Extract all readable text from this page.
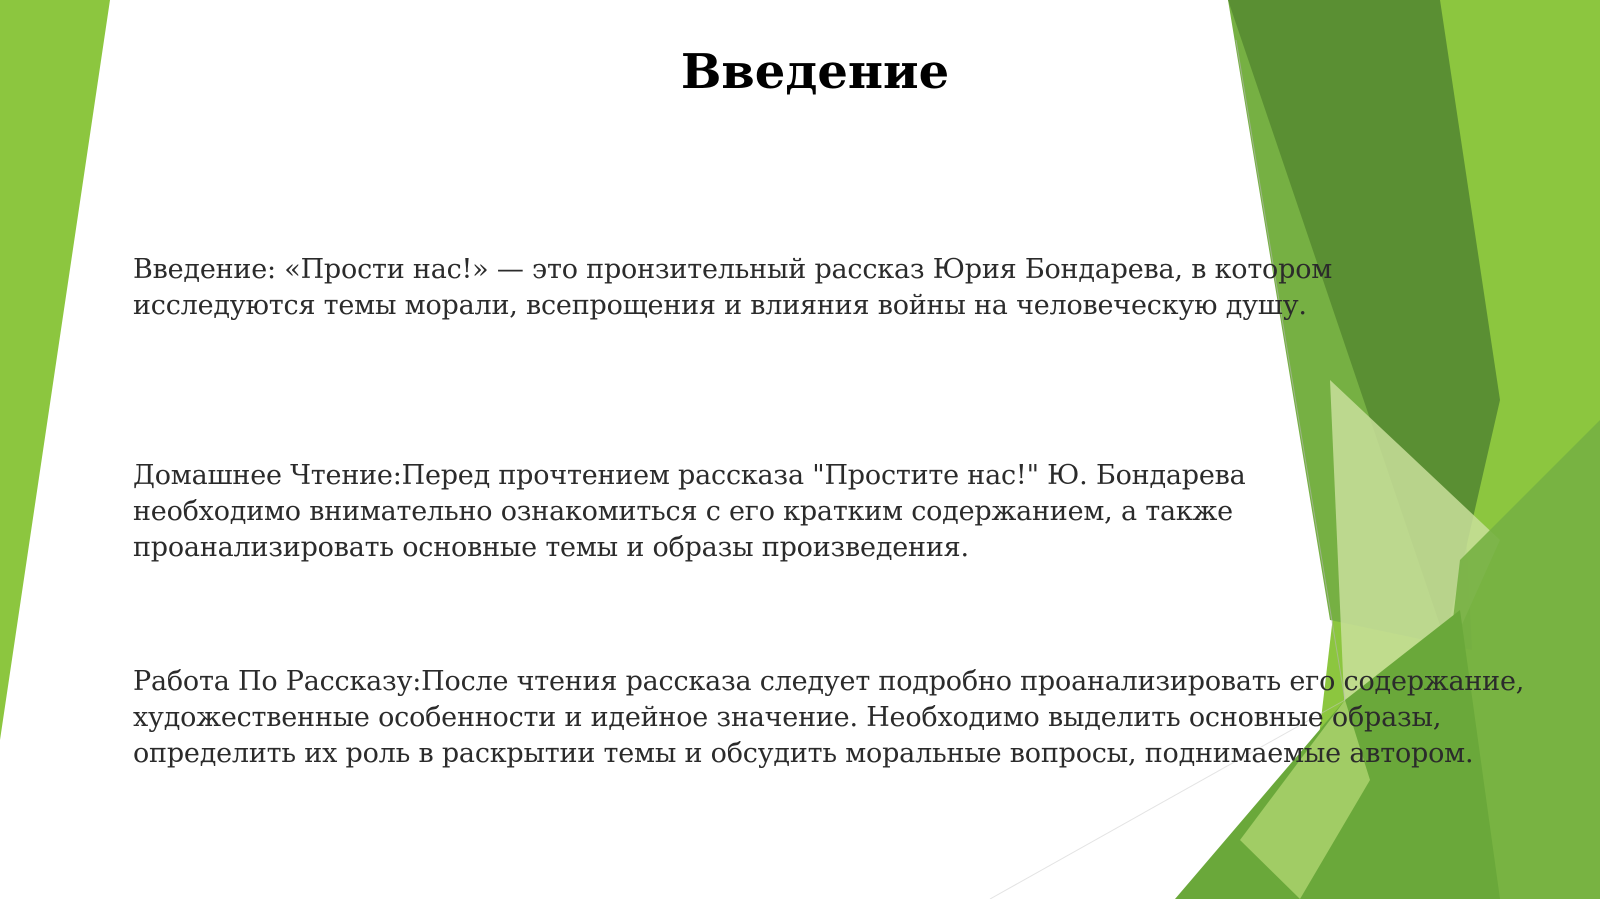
Введение

Введение: «Прости нас!» — это пронзительный рассказ Юрия Бондарева, в котором исследуются темы морали, всепрощения и влияния войны на человеческую душу.

Домашнее Чтение:Перед прочтением рассказа "Простите нас!" Ю. Бондарева необходимо внимательно ознакомиться с его кратким содержанием, а также проанализировать основные темы и образы произведения.

Работа По Рассказу:После чтения рассказа следует подробно проанализировать его содержание, художественные особенности и идейное значение. Необходимо выделить основные образы, определить их роль в раскрытии темы и обсудить моральные вопросы, поднимаемые автором.
